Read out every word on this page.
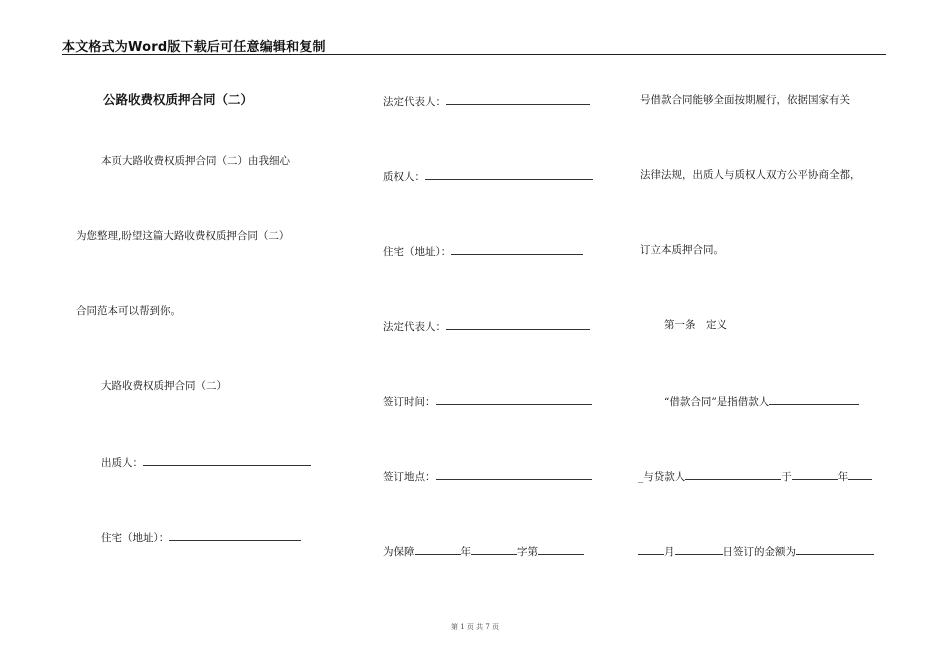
本文格式为Word版下载后可任意编辑和复制
公路收费权质押合同（二）
本页大路收费权质押合同（二）由我细心
为您整理,盼望这篇大路收费权质押合同（二）
合同范本可以帮到你。
大路收费权质押合同（二）
出质人：
住宅（地址）：
法定代表人：
质权人：
住宅（地址）：
法定代表人：
签订时间：
签订地点：
为保障	年	字第
号借款合同能够全面按期履行，依据国家有关
法律法规，出质人与质权人双方公平协商全都，
订立本质押合同。
第一条　定义
“借款合同”是指借款人
_与贷款人	于	年
月	日签订的金额为
第 1 页 共 7 页
